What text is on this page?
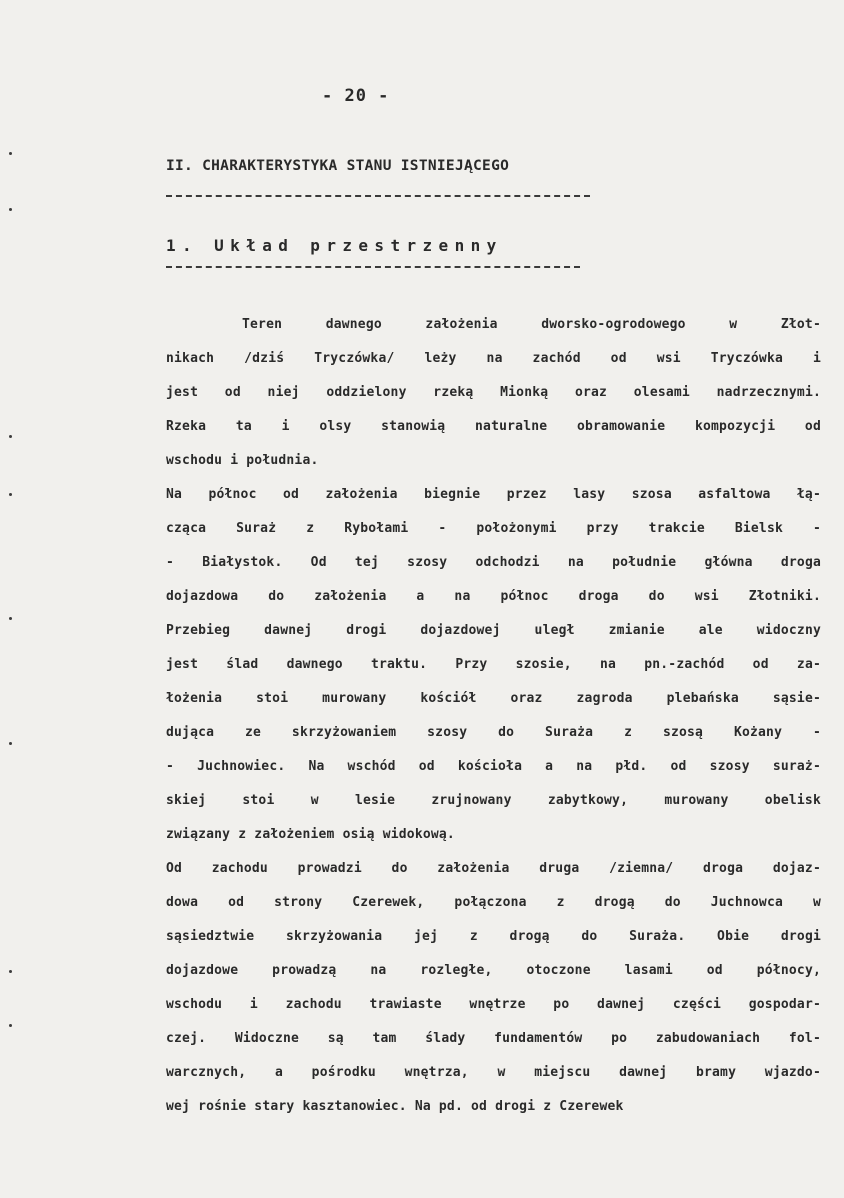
- 20 -
II. CHARAKTERYSTYKA STANU ISTNIEJĄCEGO
1. Układ przestrzenny
Teren dawnego założenia dworsko-ogrodowego w Złot-
nikach /dziś Tryczówka/ leży na zachód od wsi Tryczówka i
jest od niej oddzielony rzeką Mionką oraz olesami nadrzecznymi.
Rzeka ta i olsy stanowią naturalne obramowanie kompozycji od
wschodu i południa.
Na północ od założenia biegnie przez lasy szosa asfaltowa łą-
cząca Suraż z Rybołami - położonymi przy trakcie Bielsk -
- Białystok. Od tej szosy odchodzi na południe główna droga
dojazdowa do założenia a na północ droga do wsi Złotniki.
Przebieg dawnej drogi dojazdowej uległ zmianie ale widoczny
jest ślad dawnego traktu. Przy szosie, na pn.-zachód od za-
łożenia stoi murowany kościół oraz zagroda plebańska sąsie-
dująca ze skrzyżowaniem szosy do Suraża z szosą Kożany -
- Juchnowiec. Na wschód od kościoła a na płd. od szosy suraż-
skiej stoi w lesie zrujnowany zabytkowy, murowany obelisk
związany z założeniem osią widokową.
Od zachodu prowadzi do założenia druga /ziemna/ droga dojaz-
dowa od strony Czerewek, połączona z drogą do Juchnowca w
sąsiedztwie skrzyżowania jej z drogą do Suraża. Obie drogi
dojazdowe prowadzą na rozległe, otoczone lasami od północy,
wschodu i zachodu trawiaste wnętrze po dawnej części gospodar-
czej. Widoczne są tam ślady fundamentów po zabudowaniach fol-
warcznych, a pośrodku wnętrza, w miejscu dawnej bramy wjazdo-
wej rośnie stary kasztanowiec. Na pd. od drogi z Czerewek
